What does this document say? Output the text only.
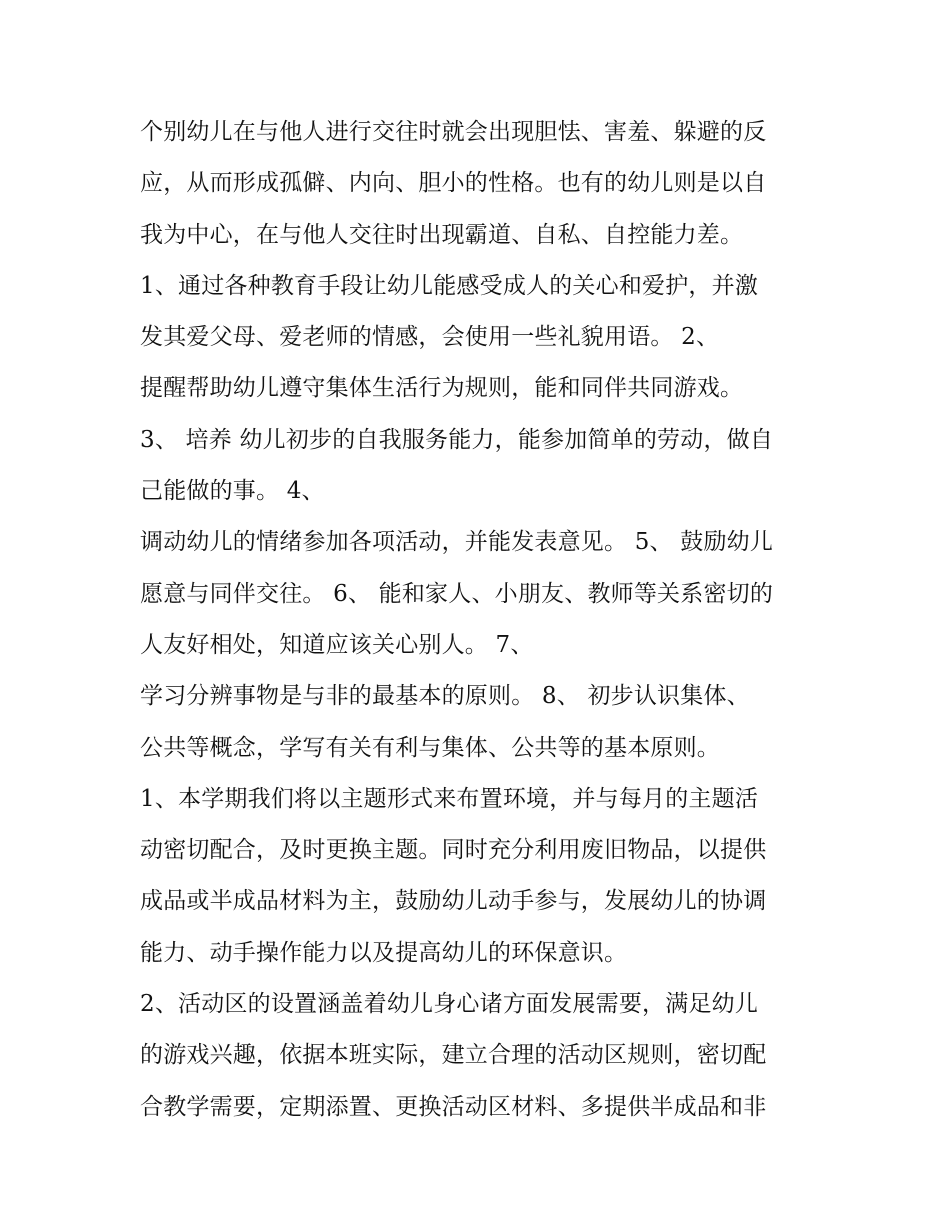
个别幼儿在与他人进行交往时就会出现胆怯、害羞、躲避的反
应，从而形成孤僻、内向、胆小的性格。也有的幼儿则是以自
我为中心，在与他人交往时出现霸道、自私、自控能力差。
1、通过各种教育手段让幼儿能感受成人的关心和爱护，并激
发其爱父母、爱老师的情感，会使用一些礼貌用语。 2、
提醒帮助幼儿遵守集体生活行为规则，能和同伴共同游戏。
3、 培养 幼儿初步的自我服务能力，能参加简单的劳动，做自
己能做的事。 4、
调动幼儿的情绪参加各项活动，并能发表意见。 5、 鼓励幼儿
愿意与同伴交往。 6、 能和家人、小朋友、教师等关系密切的
人友好相处，知道应该关心别人。 7、
学习分辨事物是与非的最基本的原则。 8、 初步认识集体、
公共等概念，学写有关有利与集体、公共等的基本原则。
1、本学期我们将以主题形式来布置环境，并与每月的主题活
动密切配合，及时更换主题。同时充分利用废旧物品，以提供
成品或半成品材料为主，鼓励幼儿动手参与，发展幼儿的协调
能力、动手操作能力以及提高幼儿的环保意识。
2、活动区的设置涵盖着幼儿身心诸方面发展需要，满足幼儿
的游戏兴趣，依据本班实际，建立合理的活动区规则，密切配
合教学需要，定期添置、更换活动区材料、多提供半成品和非
